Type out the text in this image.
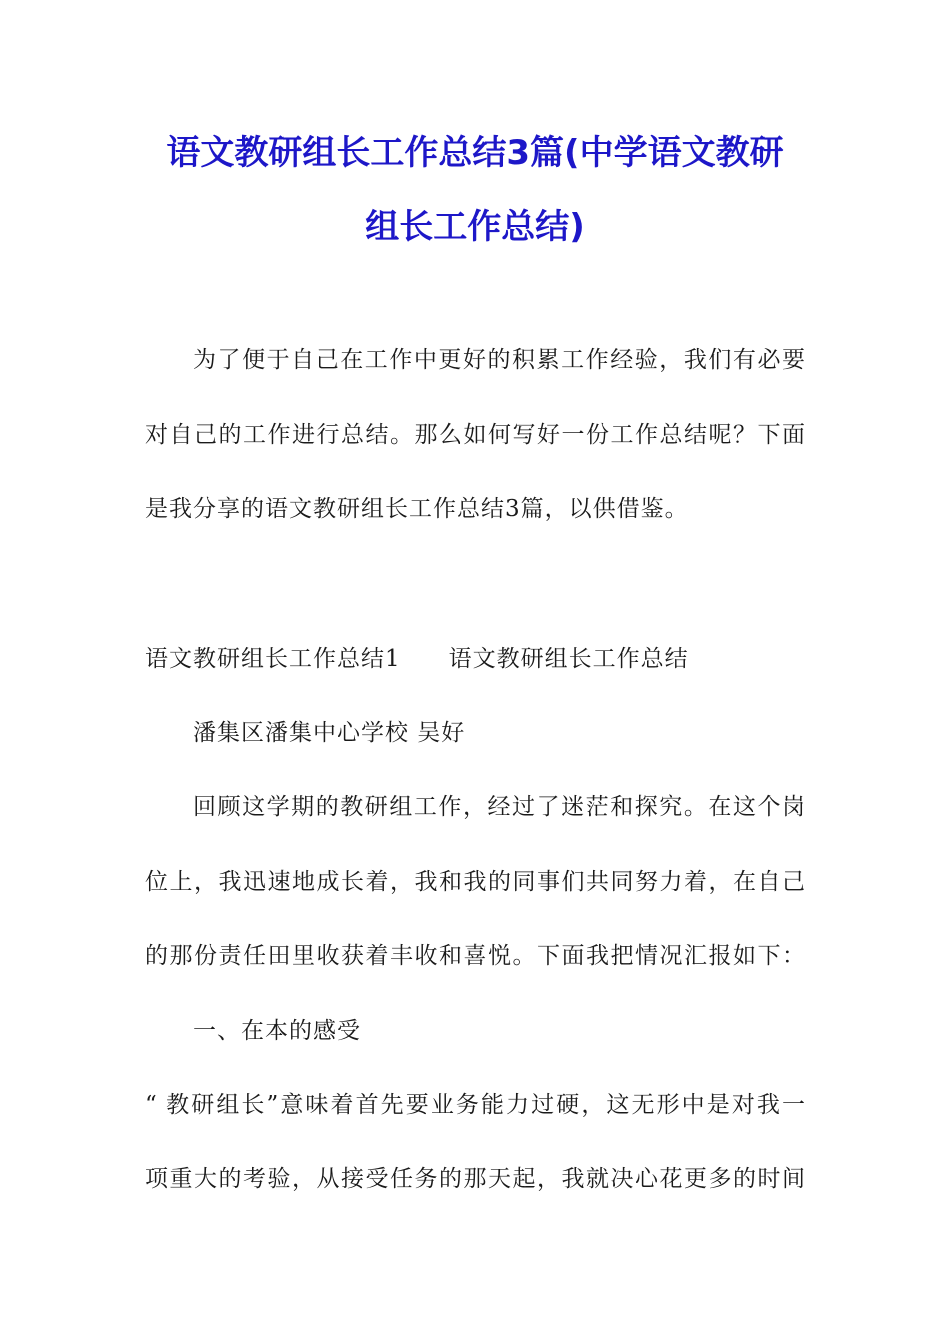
语文教研组长工作总结3篇(中学语文教研
组长工作总结)
为了便于自己在工作中更好的积累工作经验，我们有必要
对自己的工作进行总结。那么如何写好一份工作总结呢？下面
是我分享的语文教研组长工作总结3篇，以供借鉴。
语文教研组长工作总结1 语文教研组长工作总结
潘集区潘集中心学校 吴好
回顾这学期的教研组工作，经过了迷茫和探究。在这个岗
位上，我迅速地成长着，我和我的同事们共同努力着，在自己
的那份责任田里收获着丰收和喜悦。下面我把情况汇报如下：
一、在本的感受
“ 教研组长”意味着首先要业务能力过硬，这无形中是对我一
项重大的考验，从接受任务的那天起，我就决心花更多的时间
